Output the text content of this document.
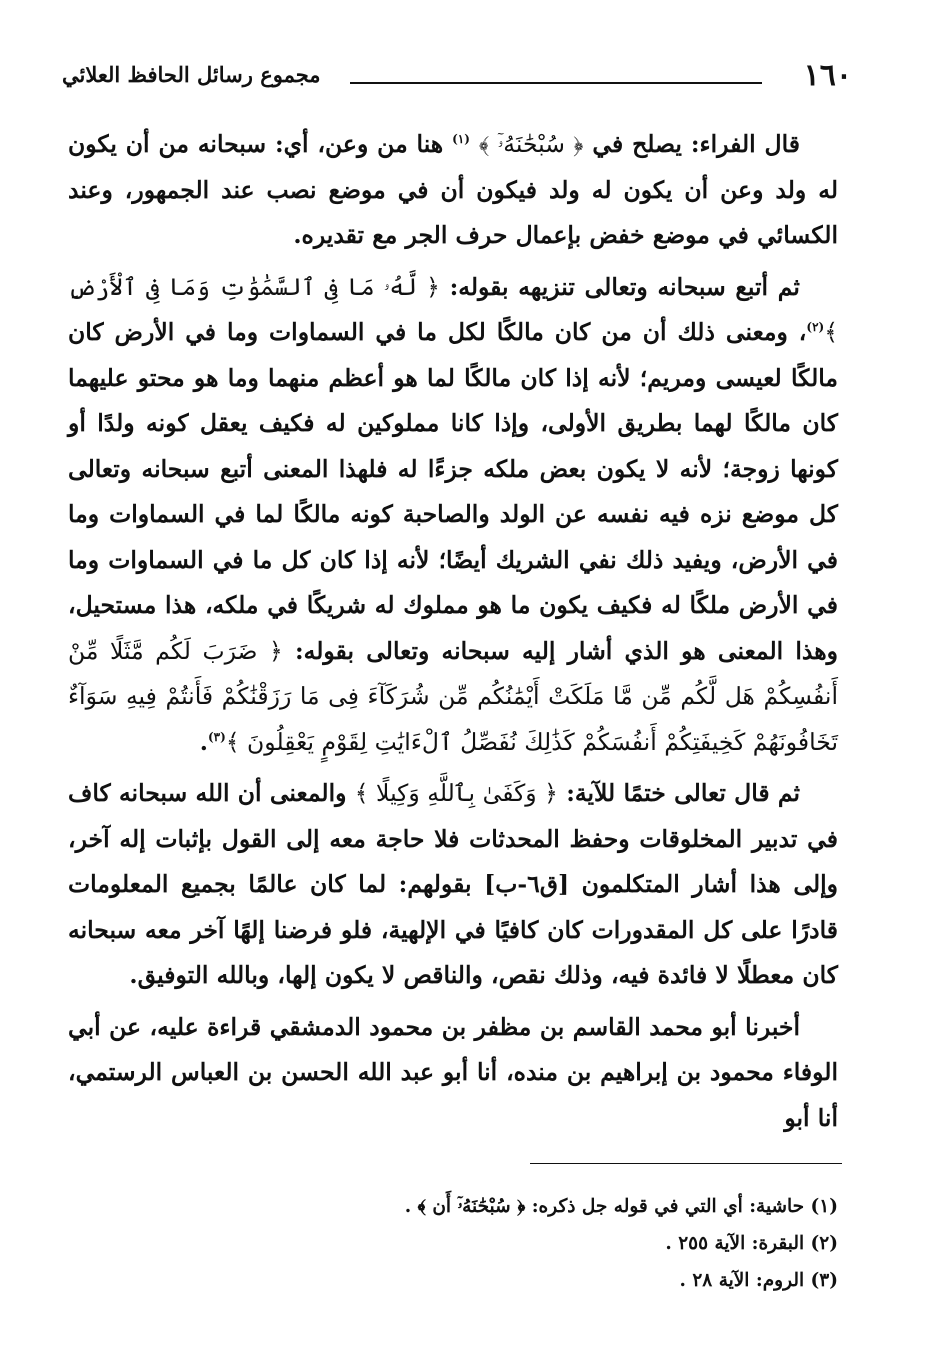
١٦٠
مجموع رسائل الحافظ العلائي

قال الفراء: يصلح في ﴿ سُبْحَٰنَهُۥٓ ﴾ $^{(١)}$ هنا من وعن، أي: سبحانه من أن يكون له ولد وعن أن يكون له ولد فيكون أن في موضع نصب عند الجمهور، وعند الكسائي في موضع خفض بإعمال حرف الجر مع تقديره.

ثم أتبع سبحانه وتعالى تنزيهه بقوله: ﴿ لَّهُۥ مَا فِى ٱلسَّمَٰوَٰتِ وَمَا فِى ٱلْأَرْضِ ﴾$^{(٢)}$، ومعنى ذلك أن من كان مالكًا لكل ما في السماوات وما في الأرض كان مالكًا لعيسى ومريم؛ لأنه إذا كان مالكًا لما هو أعظم منهما وما هو محتو عليهما كان مالكًا لهما بطريق الأولى، وإذا كانا مملوكين له فكيف يعقل كونه ولدًا أو كونها زوجة؛ لأنه لا يكون بعض ملكه جزءًا له فلهذا المعنى أتبع سبحانه وتعالى كل موضع نزه فيه نفسه عن الولد والصاحبة كونه مالكًا لما في السماوات وما في الأرض، ويفيد ذلك نفي الشريك أيضًا؛ لأنه إذا كان كل ما في السماوات وما في الأرض ملكًا له فكيف يكون ما هو مملوك له شريكًا في ملكه، هذا مستحيل، وهذا المعنى هو الذي أشار إليه سبحانه وتعالى بقوله: ﴿ ضَرَبَ لَكُم مَّثَلًا مِّنْ أَنفُسِكُمْ هَل لَّكُم مِّن مَّا مَلَكَتْ أَيْمَٰنُكُم مِّن شُرَكَآءَ فِى مَا رَزَقْنَٰكُمْ فَأَنتُمْ فِيهِ سَوَآءٌ تَخَافُونَهُمْ كَخِيفَتِكُمْ أَنفُسَكُمْ كَذَٰلِكَ نُفَصِّلُ ٱلْءَايَٰتِ لِقَوْمٍ يَعْقِلُونَ ﴾$^{(٣)}$.

ثم قال تعالى ختمًا للآية: ﴿ وَكَفَىٰ بِٱللَّهِ وَكِيلًا ﴾ والمعنى أن الله سبحانه كاف في تدبير المخلوقات وحفظ المحدثات فلا حاجة معه إلى القول بإثبات إله آخر، وإلى هذا أشار المتكلمون [ق٦-ب] بقولهم: لما كان عالمًا بجميع المعلومات قادرًا على كل المقدورات كان كافيًا في الإلهية، فلو فرضنا إلهًا آخر معه سبحانه كان معطلًا لا فائدة فيه، وذلك نقص، والناقص لا يكون إلها، وبالله التوفيق.

أخبرنا أبو محمد القاسم بن مظفر بن محمود الدمشقي قراءة عليه، عن أبي الوفاء محمود بن إبراهيم بن منده، أنا أبو عبد الله الحسن بن العباس الرستمي، أنا أبو

(١) حاشية: أي التي في قوله جل ذكره: ﴿ سُبْحَٰنَهُۥٓ أَن ﴾ .
(٢) البقرة: الآية ٢٥٥ .
(٣) الروم: الآية ٢٨ .
